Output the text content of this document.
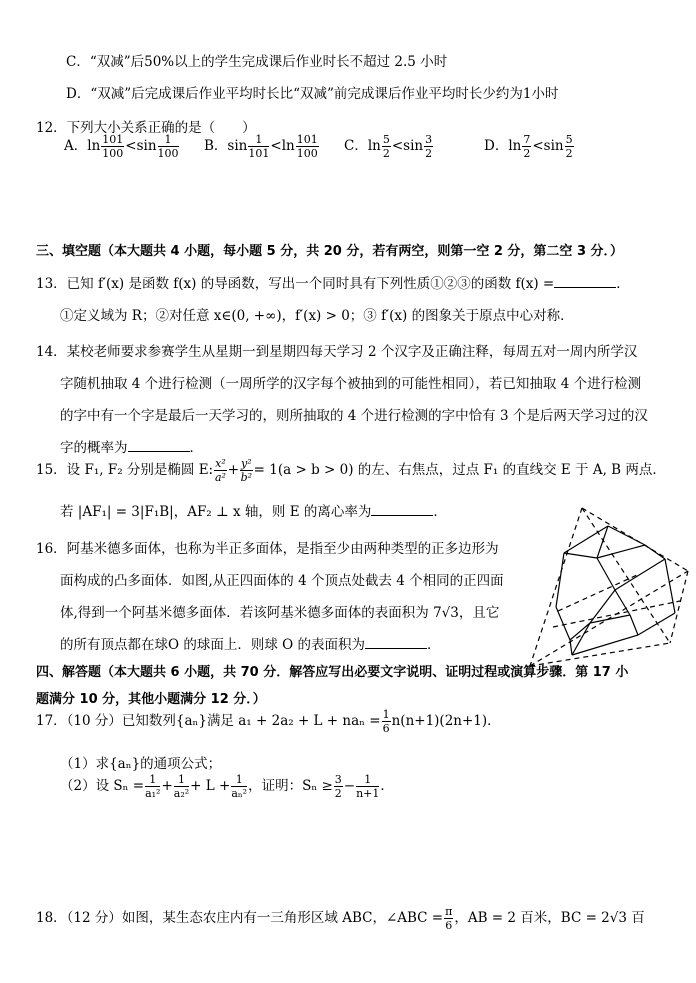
C．“双减”后50%以上的学生完成课后作业时长不超过 2.5 小时
D．“双减”后完成课后作业平均时长比“双减”前完成课后作业平均时长少约为1小时
12．下列大小关系正确的是（　　）
A．$\ln \frac{101}{100} <\sin \frac{1}{100}$ B．$\sin \frac{1}{101} <\ln \frac{101}{100}$ C．$\ln \frac{5}{2} <\sin \frac{3}{2}$	D．$\ln \frac{7}{2} <\sin \frac{5}{2}$
三、填空题（本大题共 4 小题，每小题 5 分，共 20 分，若有两空，则第一空 2 分，第二空 3 分．）
13．已知 f′(x) 是函数 f(x) 的导函数，写出一个同时具有下列性质①②③的函数 f(x) =	．
①定义域为 R；②对任意 x∈(0, +∞)，f′(x) > 0；③ f′(x) 的图象关于原点中心对称．
14．某校老师要求参赛学生从星期一到星期四每天学习 2 个汉字及正确注释，每周五对一周内所学汉
字随机抽取 4 个进行检测（一周所学的汉字每个被抽到的可能性相同），若已知抽取 4 个进行检测
的字中有一个字是最后一天学习的，则所抽取的 4 个进行检测的字中恰有 3 个是后两天学习过的汉
字的概率为	．
15．设 F₁, F₂ 分别是椭圆 E: $\frac{\text{x²}}{\text{a²}} + \frac{\text{y²}}{\text{b²}} = 1(a > b > 0)$ 的左、右焦点，过点 F₁ 的直线交 E 于 A, B 两点．
若 |AF₁| = 3|F₁B|，AF₂ ⊥ x 轴，则 E 的离心率为	．
16．阿基米德多面体，也称为半正多面体，是指至少由两种类型的正多边形为
面构成的凸多面体．如图,从正四面体的 4 个顶点处截去 4 个相同的正四面
体,得到一个阿基米德多面体．若该阿基米德多面体的表面积为 7√3，且它
的所有顶点都在球O 的球面上．则球 O 的表面积为	．
四、解答题（本大题共 6 小题，共 70 分．解答应写出必要文字说明、证明过程或演算步骤．第 17 小
题满分 10 分，其他小题满分 12 分．）
17．（10 分）已知数列{aₙ}满足 $a_1 + 2a_2 + L + na_n = \frac{1}{6} n(n+1)(2n+1)$．
（1）求{aₙ}的通项公式；
（2）设 $S_n = \frac{1}{\text{a₁²}} + \frac{1}{\text{a₂²}} + L + \frac{1}{\text{aₙ²}}$ ，证明：$S_n \ge \frac{3}{2} - \frac{1}{n+1}$ ．
18．（12 分）如图，某生态农庄内有一三角形区域 ABC，∠ABC = $\frac{\pi}{6}$ ，AB = 2 百米，BC = 2√3 百
